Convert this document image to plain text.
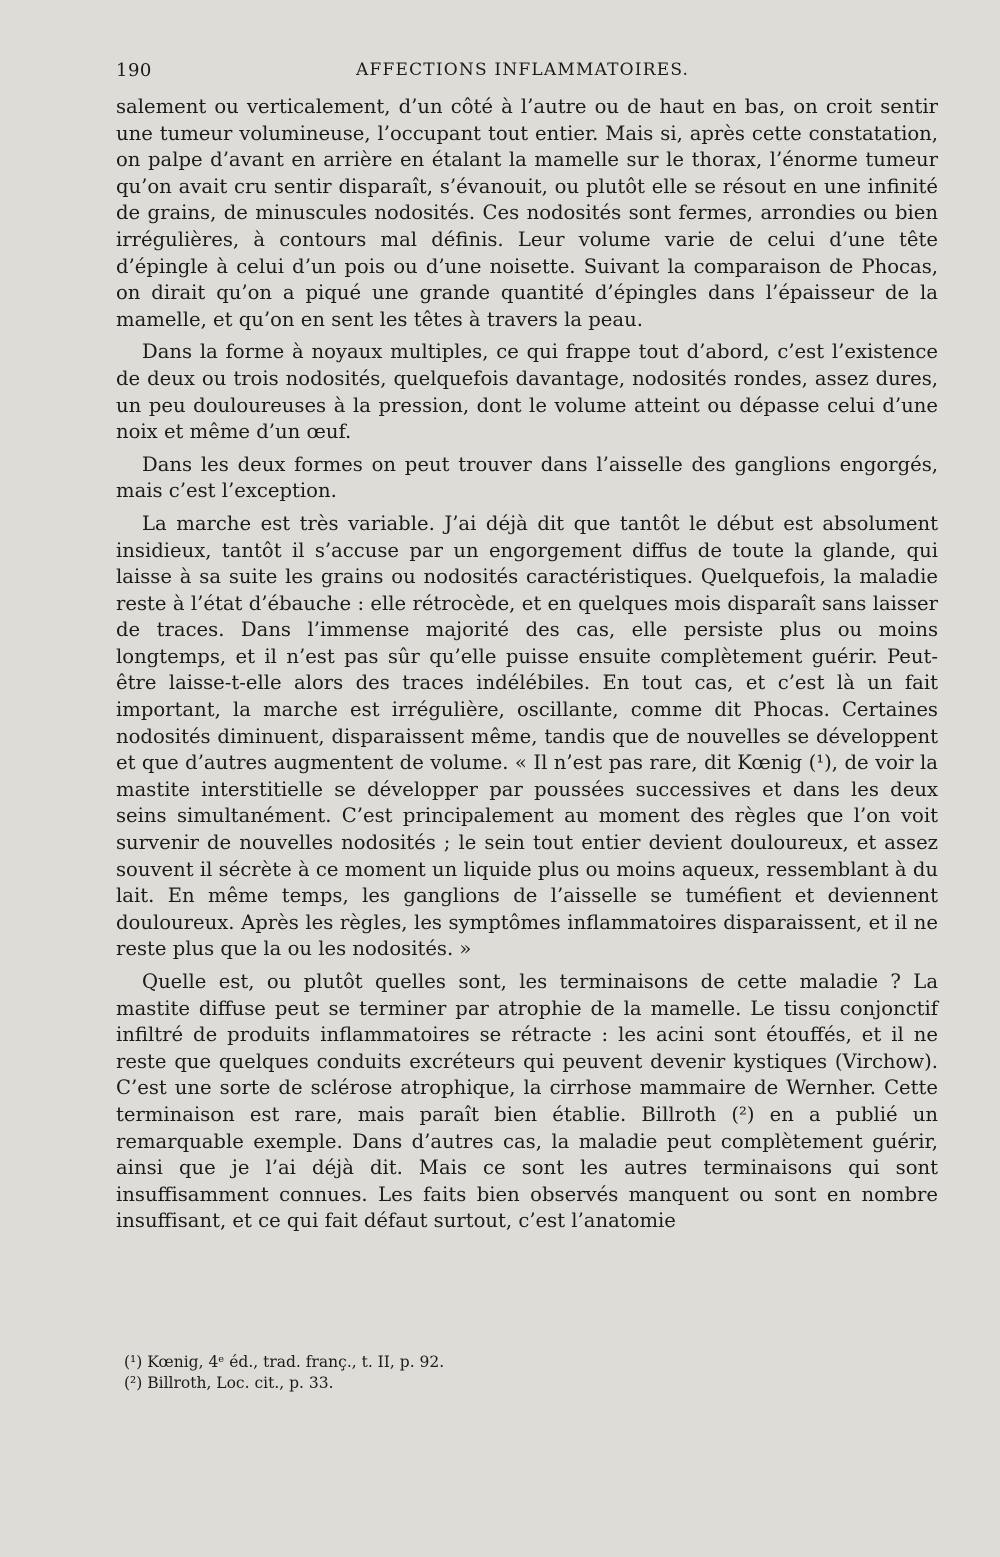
190	AFFECTIONS INFLAMMATOIRES.

salement ou verticalement, d’un côté à l’autre ou de haut en bas, on croit sentir une tumeur volumineuse, l’occupant tout entier. Mais si, après cette constatation, on palpe d’avant en arrière en étalant la mamelle sur le thorax, l’énorme tumeur qu’on avait cru sentir disparaît, s’évanouit, ou plutôt elle se résout en une infinité de grains, de minuscules nodosités. Ces nodosités sont fermes, arrondies ou bien irrégulières, à contours mal définis. Leur volume varie de celui d’une tête d’épingle à celui d’un pois ou d’une noisette. Suivant la comparaison de Phocas, on dirait qu’on a piqué une grande quantité d’épingles dans l’épaisseur de la mamelle, et qu’on en sent les têtes à travers la peau.

Dans la forme à noyaux multiples, ce qui frappe tout d’abord, c’est l’existence de deux ou trois nodosités, quelquefois davantage, nodosités rondes, assez dures, un peu douloureuses à la pression, dont le volume atteint ou dépasse celui d’une noix et même d’un œuf.

Dans les deux formes on peut trouver dans l’aisselle des ganglions engorgés, mais c’est l’exception.

La marche est très variable. J’ai déjà dit que tantôt le début est absolument insidieux, tantôt il s’accuse par un engorgement diffus de toute la glande, qui laisse à sa suite les grains ou nodosités caractéristiques. Quelquefois, la maladie reste à l’état d’ébauche : elle rétrocède, et en quelques mois disparaît sans laisser de traces. Dans l’immense majorité des cas, elle persiste plus ou moins longtemps, et il n’est pas sûr qu’elle puisse ensuite complètement guérir. Peut-être laisse-t-elle alors des traces indélébiles. En tout cas, et c’est là un fait important, la marche est irrégulière, oscillante, comme dit Phocas. Certaines nodosités diminuent, disparaissent même, tandis que de nouvelles se développent et que d’autres augmentent de volume. « Il n’est pas rare, dit Kœnig (¹), de voir la mastite interstitielle se développer par poussées successives et dans les deux seins simultanément. C’est principalement au moment des règles que l’on voit survenir de nouvelles nodosités ; le sein tout entier devient douloureux, et assez souvent il sécrète à ce moment un liquide plus ou moins aqueux, ressemblant à du lait. En même temps, les ganglions de l’aisselle se tuméfient et deviennent douloureux. Après les règles, les symptômes inflammatoires disparaissent, et il ne reste plus que la ou les nodosités. »

Quelle est, ou plutôt quelles sont, les terminaisons de cette maladie ? La mastite diffuse peut se terminer par atrophie de la mamelle. Le tissu conjonctif infiltré de produits inflammatoires se rétracte : les acini sont étouffés, et il ne reste que quelques conduits excréteurs qui peuvent devenir kystiques (Virchow). C’est une sorte de sclérose atrophique, la cirrhose mammaire de Wernher. Cette terminaison est rare, mais paraît bien établie. Billroth (²) en a publié un remarquable exemple. Dans d’autres cas, la maladie peut complètement guérir, ainsi que je l’ai déjà dit. Mais ce sont les autres terminaisons qui sont insuffisamment connues. Les faits bien observés manquent ou sont en nombre insuffisant, et ce qui fait défaut surtout, c’est l’anatomie

(¹) Kœnig, 4ᵉ éd., trad. franç., t. II, p. 92.

(²) Billroth, Loc. cit., p. 33.
